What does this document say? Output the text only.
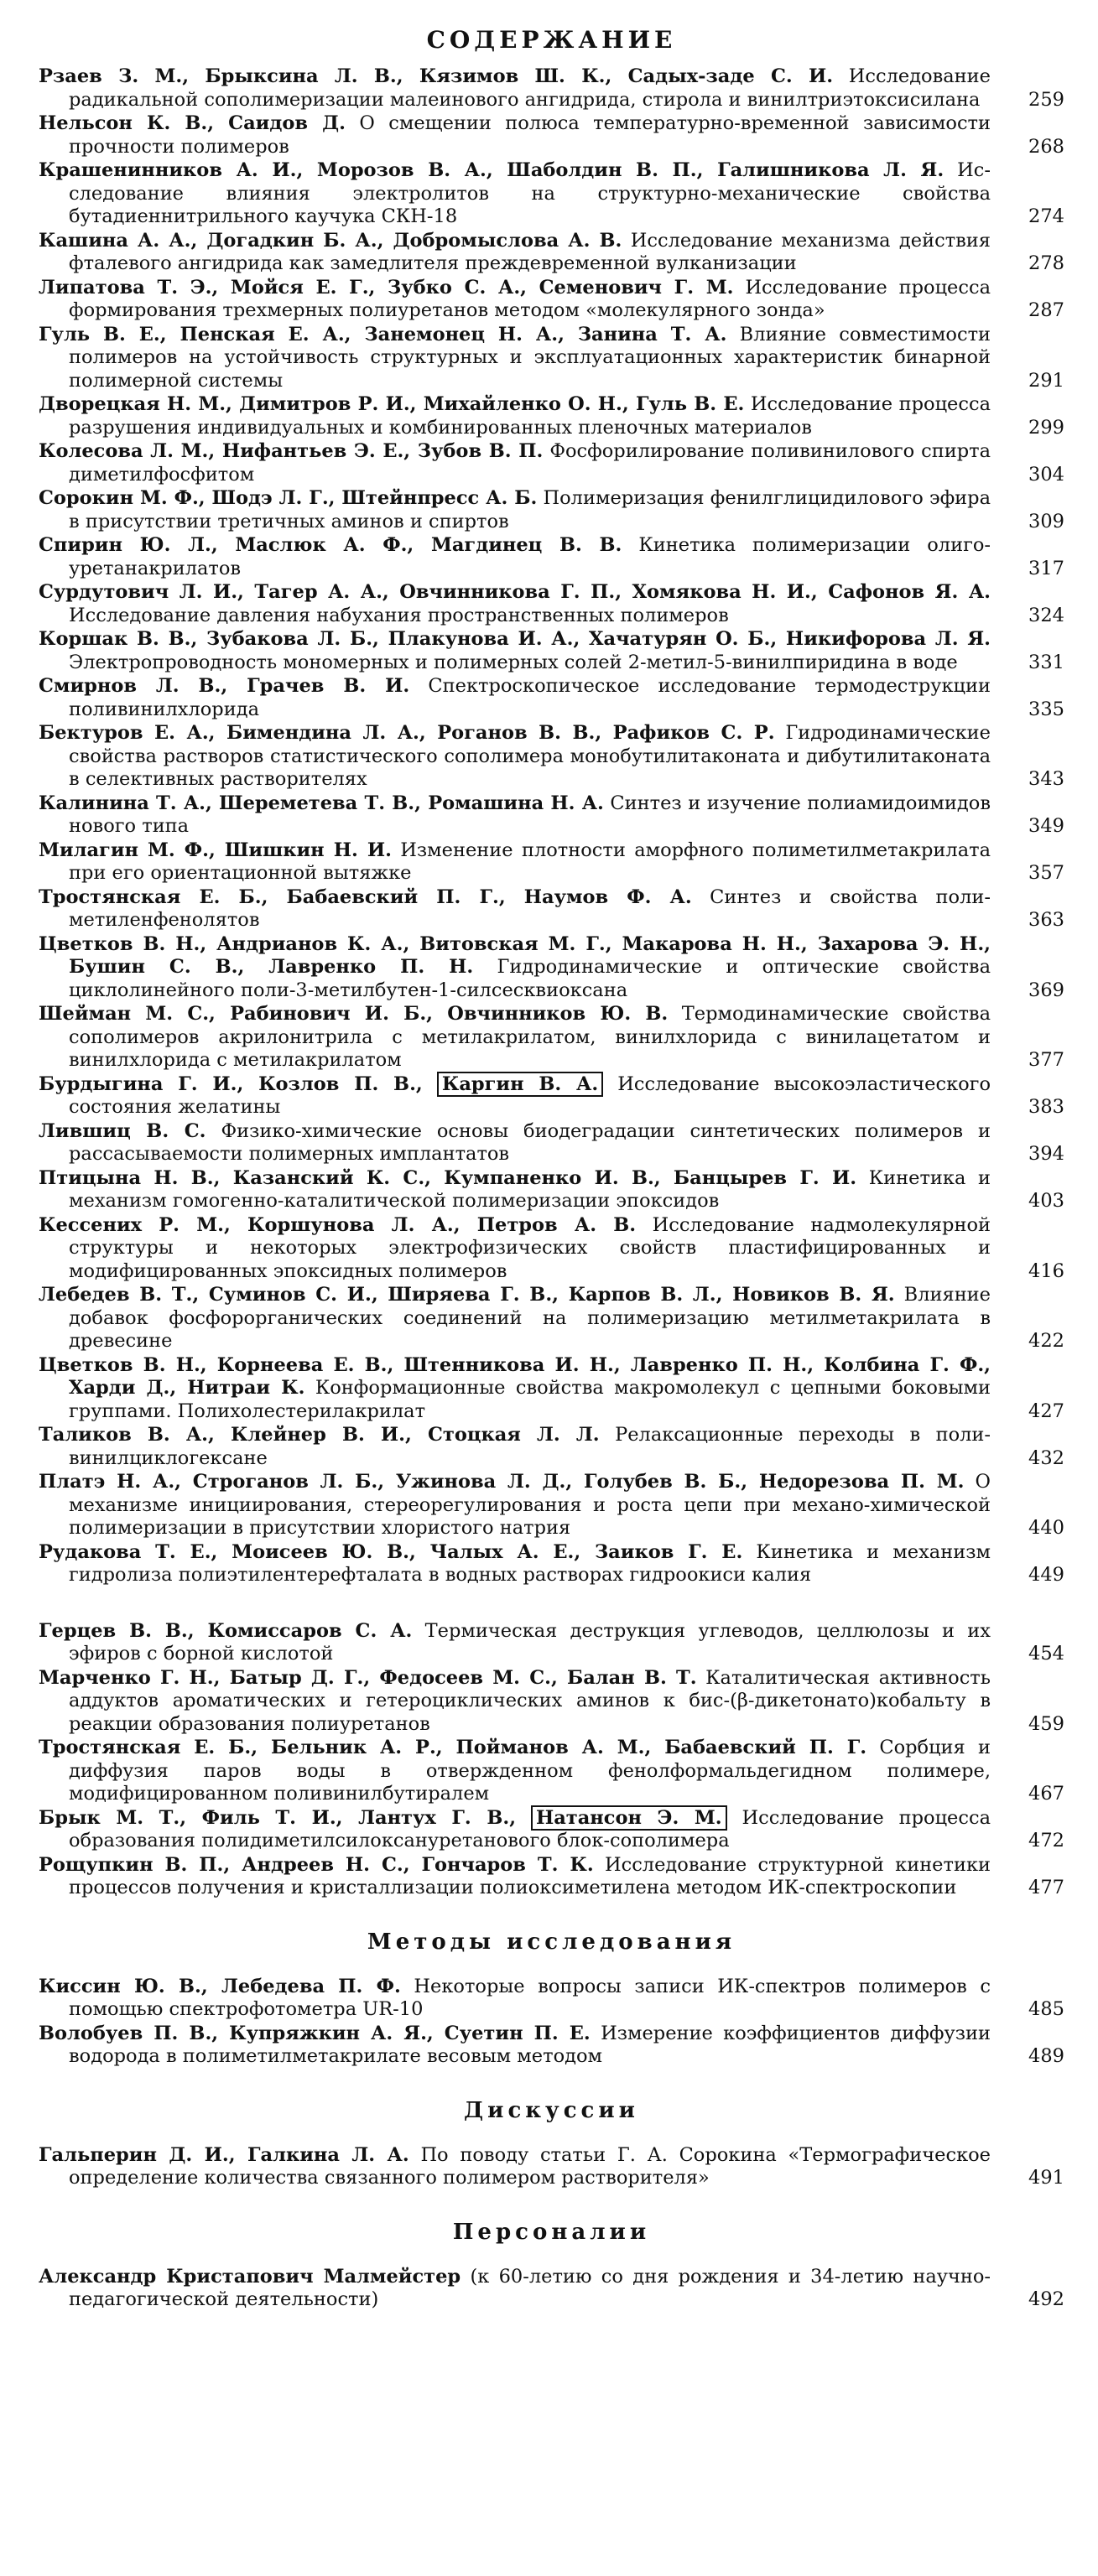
СОДЕРЖАНИЕ
Рзаев З. М., Брыксина Л. В., Кязимов Ш. К., Садых-заде С. И. Исследование радикальной сополимеризации малеинового ангидрида, стирола и винилтриэтоксисилана	259
Нельсон К. В., Саидов Д. О смещении полюса температурно-временной зависимости прочности полимеров	268
Крашенинников А. И., Морозов В. А., Шаболдин В. П., Галишникова Л. Я. Исследование влияния электролитов на структурно-механические свойства бутадиеннитрильного каучука СКН-18	274
Кашина А. А., Догадкин Б. А., Добромыслова А. В. Исследование механизма действия фталевого ангидрида как замедлителя преждевременной вулканизации	278
Липатова Т. Э., Мойся Е. Г., Зубко С. А., Семенович Г. М. Исследование процесса формирования трехмерных полиуретанов методом «молекулярного зонда»	287
Гуль В. Е., Пенская Е. А., Занемонец Н. А., Занина Т. А. Влияние совместимости полимеров на устойчивость структурных и эксплуатационных характеристик бинарной полимерной системы	291
Дворецкая Н. М., Димитров Р. И., Михайленко О. Н., Гуль В. Е. Исследование процесса разрушения индивидуальных и комбинированных пленочных материалов	299
Колесова Л. М., Нифантьев Э. Е., Зубов В. П. Фосфорилирование поливинилового спирта диметилфосфитом	304
Сорокин М. Ф., Шодэ Л. Г., Штейнпресс А. Б. Полимеризация фенилглицидилового эфира в присутствии третичных аминов и спиртов	309
Спирин Ю. Л., Маслюк А. Ф., Магдинец В. В. Кинетика полимеризации олигоуретанакрилатов	317
Сурдутович Л. И., Тагер А. А., Овчинникова Г. П., Хомякова Н. И., Сафонов Я. А. Исследование давления набухания пространственных полимеров	324
Коршак В. В., Зубакова Л. Б., Плакунова И. А., Хачатурян О. Б., Никифорова Л. Я. Электропроводность мономерных и полимерных солей 2-метил-5-винилпиридина в воде	331
Смирнов Л. В., Грачев В. И. Спектроскопическое исследование термодеструкции поливинилхлорида	335
Бектуров Е. А., Бимендина Л. А., Роганов В. В., Рафиков С. Р. Гидродинамические свойства растворов статистического сополимера монобутилитаконата и дибутилитаконата в селективных растворителях	343
Калинина Т. А., Шереметева Т. В., Ромашина Н. А. Синтез и изучение полиамидоимидов нового типа	349
Милагин М. Ф., Шишкин Н. И. Изменение плотности аморфного полиметилметакрилата при его ориентационной вытяжке	357
Тростянская Е. Б., Бабаевский П. Г., Наумов Ф. А. Синтез и свойства полиметиленфенолятов	363
Цветков В. Н., Андрианов К. А., Витовская М. Г., Макарова Н. Н., Захарова Э. Н., Бушин С. В., Лавренко П. Н. Гидродинамические и оптические свойства циклолинейного поли-3-метилбутен-1-силсесквиоксана	369
Шейман М. С., Рабинович И. Б., Овчинников Ю. В. Термодинамические свойства сополимеров акрилонитрила с метилакрилатом, винилхлорида с винилацетатом и винилхлорида с метилакрилатом	377
Бурдыгина Г. И., Козлов П. В., Каргин В. А. Исследование высокоэластического состояния желатины	383
Лившиц В. С. Физико-химические основы биодеградации синтетических полимеров и рассасываемости полимерных имплантатов	394
Птицына Н. В., Казанский К. С., Кумпаненко И. В., Банцырев Г. И. Кинетика и механизм гомогенно-каталитической полимеризации эпоксидов	403
Кессених Р. М., Коршунова Л. А., Петров А. В. Исследование надмолекулярной структуры и некоторых электрофизических свойств пластифицированных и модифицированных эпоксидных полимеров	416
Лебедев В. Т., Суминов С. И., Ширяева Г. В., Карпов В. Л., Новиков В. Я. Влияние добавок фосфорорганических соединений на полимеризацию метилметакрилата в древесине	422
Цветков В. Н., Корнеева Е. В., Штенникова И. Н., Лавренко П. Н., Колбина Г. Ф., Харди Д., Нитраи К. Конформационные свойства макромолекул с цепными боковыми группами. Полихолестерилакрилат	427
Таликов В. А., Клейнер В. И., Стоцкая Л. Л. Релаксационные переходы в поливинилциклогексане	432
Платэ Н. А., Строганов Л. Б., Ужинова Л. Д., Голубев В. Б., Недорезова П. М. О механизме инициирования, стереорегулирования и роста цепи при механо-химической полимеризации в присутствии хлористого натрия	440
Рудакова Т. Е., Моисеев Ю. В., Чалых А. Е., Заиков Г. Е. Кинетика и механизм гидролиза полиэтилентерефталата в водных растворах гидроокиси калия	449
Герцев В. В., Комиссаров С. А. Термическая деструкция углеводов, целлюлозы и их эфиров с борной кислотой	454
Марченко Г. Н., Батыр Д. Г., Федосеев М. С., Балан В. Т. Каталитическая активность аддуктов ароматических и гетероциклических аминов к бис-(β-дикетонато)кобальту в реакции образования полиуретанов	459
Тростянская Е. Б., Бельник А. Р., Пойманов А. М., Бабаевский П. Г. Сорбция и диффузия паров воды в отвержденном фенолформальдегидном полимере, модифицированном поливинилбутиралем	467
Брык М. Т., Филь Т. И., Лантух Г. В., Натансон Э. М. Исследование процесса образования полидиметилсилоксануретанового блок-сополимера	472
Рощупкин В. П., Андреев Н. С., Гончаров Т. К. Исследование структурной кинетики процессов получения и кристаллизации полиоксиметилена методом ИК-спектроскопии	477
Методы исследования
Киссин Ю. В., Лебедева П. Ф. Некоторые вопросы записи ИК-спектров полимеров с помощью спектрофотометра UR-10	485
Волобуев П. В., Купряжкин А. Я., Суетин П. Е. Измерение коэффициентов диффузии водорода в полиметилметакрилате весовым методом	489
Дискуссии
Гальперин Д. И., Галкина Л. А. По поводу статьи Г. А. Сорокина «Термографическое определение количества связанного полимером растворителя»	491
Персоналии
Александр Кристапович Малмейстер (к 60-летию со дня рождения и 34-летию научно-педагогической деятельности)	492
